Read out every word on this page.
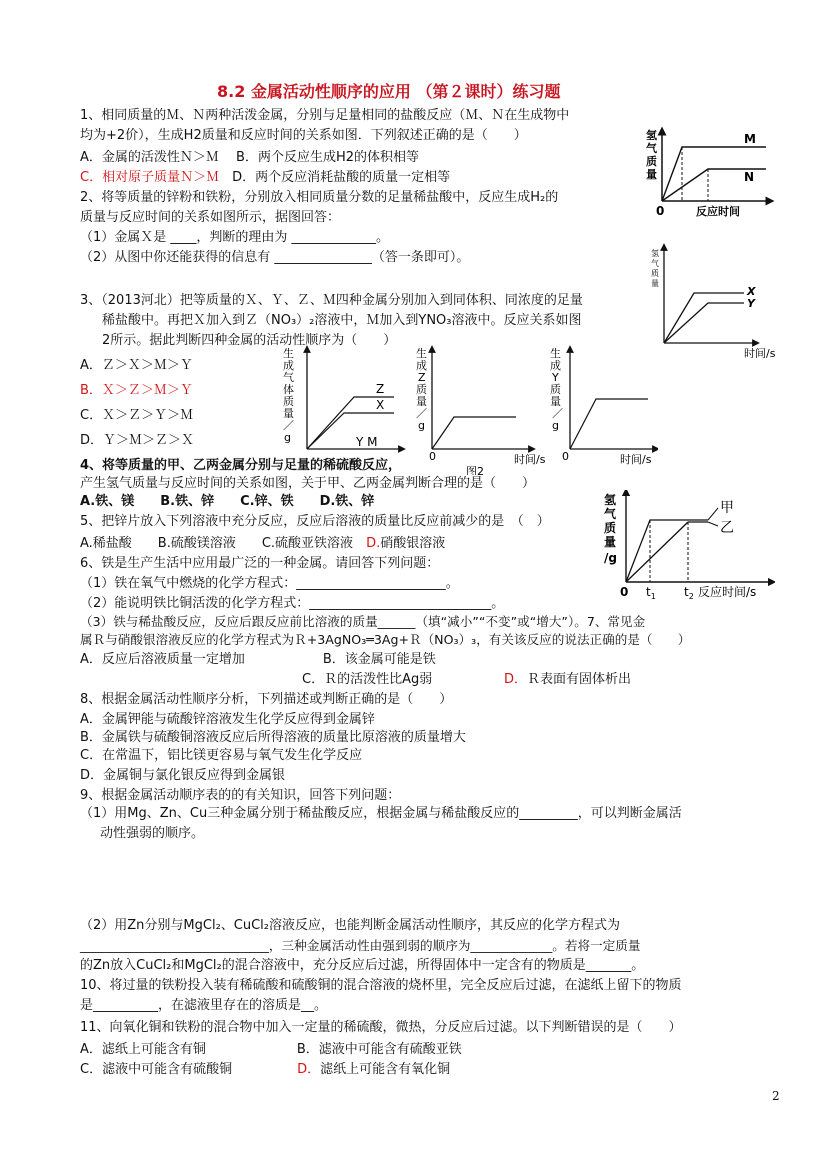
8.2 金属活动性顺序的应用 （第２课时）练习题
1、相同质量的Ｍ、Ｎ两种活泼金属，分别与足量相同的盐酸反应（Ｍ、Ｎ在生成物中
均为+2价），生成H2质量和反应时间的关系如图．下列叙述正确的是（　　）
A．金属的活泼性Ｎ＞Ｍ　 B．两个反应生成H2的体积相等
C．相对原子质量Ｎ＞Ｍ　D．两个反应消耗盐酸的质量一定相等
2、将等质量的锌粉和铁粉，分别放入相同质量分数的足量稀盐酸中，反应生成H₂的
质量与反应时间的关系如图所示，据图回答：
（1）金属Ｘ是 ____，判断的理由为 _____________。
（2）从图中你还能获得的信息有 _______________（答一条即可）。
3、（2013河北）把等质量的Ｘ、Ｙ、Ｚ、Ｍ四种金属分别加入到同体积、同浓度的足量
稀盐酸中。再把Ｘ加入到Ｚ（NO₃）₂溶液中，Ｍ加入到YNO₃溶液中。反应关系如图
2所示。据此判断四种金属的活动性顺序为（　　）
A．Ｚ＞Ｘ＞Ｍ＞Ｙ
B．Ｘ＞Ｚ＞Ｍ＞Ｙ
C．Ｘ＞Ｚ＞Ｙ＞Ｍ
D．Ｙ＞Ｍ＞Ｚ＞Ｘ
4、将等质量的甲、乙两金属分别与足量的稀硫酸反应，
产生氢气质量与反应时间的关系如图，关于甲、乙两金属判断合理的是（　　）
A.铁、镁　　B.铁、锌　　C.锌、铁　　D.铁、锌
5、把锌片放入下列溶液中充分反应，反应后溶液的质量比反应前减少的是　（　）
A.稀盐酸　　B.硫酸镁溶液　　C.硫酸亚铁溶液　D.硝酸银溶液
6、铁是生产生活中应用最广泛的一种金属。请回答下列问题：
（1）铁在氧气中燃烧的化学方程式：_______________________。
（2）能说明铁比铜活泼的化学方程式：____________________________。
（3）铁与稀盐酸反应，反应后跟反应前比溶液的质量______（填“减小”“不变”或“增大”）。7、常见金
属Ｒ与硝酸银溶液反应的化学方程式为Ｒ+3AgNO₃═3Ag+Ｒ（NO₃）₃，有关该反应的说法正确的是（　　）
A．反应后溶液质量一定增加　　　　　　B．该金属可能是铁
C．Ｒ的活泼性比Ag弱	D．Ｒ表面有固体析出
8、根据金属活动性顺序分析，下列描述或判断正确的是（　　）
A．金属钾能与硫酸锌溶液发生化学反应得到金属锌
B．金属铁与硫酸铜溶液反应后所得溶液的质量比原溶液的质量增大
C．在常温下，铝比镁更容易与氧气发生化学反应
D．金属铜与氯化银反应得到金属银
9、根据金属活动顺序表的的有关知识，回答下列问题：
（1）用Mg、Zn、Cu三种金属分别于稀盐酸反应，根据金属与稀盐酸反应的_________，可以判断金属活
动性强弱的顺序。
（2）用Zn分别与MgCl₂、CuCl₂溶液反应，也能判断金属活动性顺序，其反应的化学方程式为
______________________________，三种金属活动性由强到弱的顺序为_____________。若将一定质量
的Zn放入CuCl₂和MgCl₂的混合溶液中，充分反应后过滤，所得固体中一定含有的物质是_______。
10、将过量的铁粉投入装有稀硫酸和硫酸铜的混合溶液的烧杯里，完全反应后过滤，在滤纸上留下的物质
是__________，在滤液里存在的溶质是__。
11、向氧化铜和铁粉的混合物中加入一定量的稀硫酸，微热，分反应后过滤。以下判断错误的是（　　）
A．滤纸上可能含有铜　　　　　　　B．滤液中可能含有硫酸亚铁
C．滤液中可能含有硫酸铜　　　　　D．滤纸上可能含有氧化铜
2
氢
气
质
量
M
N
0	反应时间
氢
气
质
量
X
Y
时间/s
生
成
气
体
质
量
／
g
Z
X
Y M
生
成
Z
质
量
／
g
0	时间/s
生
成
Y
质
量
／
g
0	时间/s
图2
氢
气
质
量
/g
甲
乙
0 $t_1$ $t_2$ 反应时间/s
